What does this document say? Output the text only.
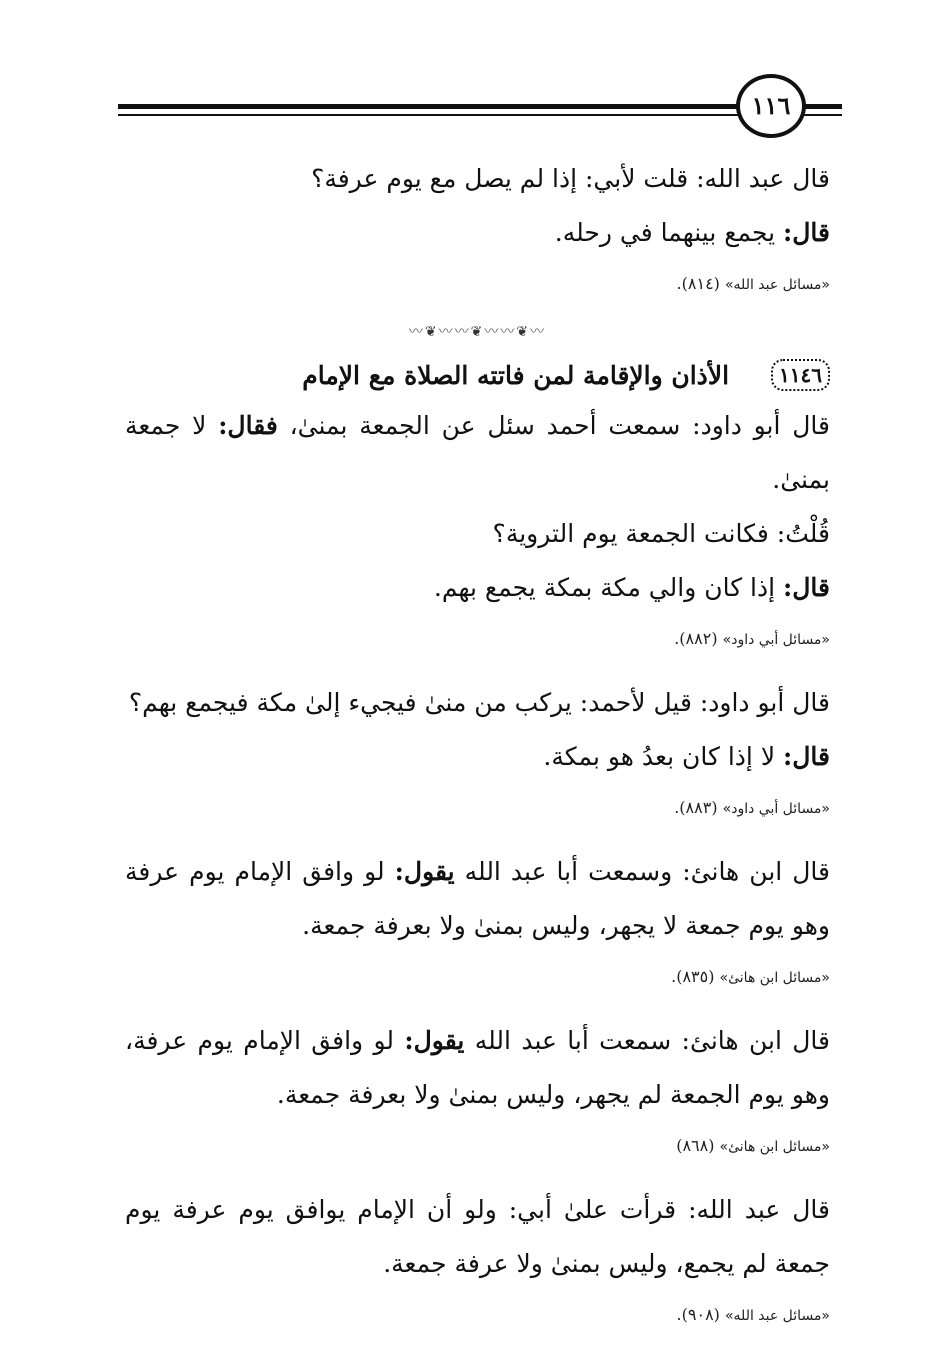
١١٦

قال عبد الله: قلت لأبي: إذا لم يصل مع يوم عرفة؟

قال: يجمع بينهما في رحله.

«مسائل عبد الله» (٨١٤).
〰❦〰〰❦〰〰❦〰
١١٤٦
الأذان والإقامة لمن فاتته الصلاة مع الإمام

قال أبو داود: سمعت أحمد سئل عن الجمعة بمنىٰ، فقال: لا جمعة بمنىٰ.

قُلْتُ: فكانت الجمعة يوم التروية؟

قال: إذا كان والي مكة بمكة يجمع بهم.

«مسائل أبي داود» (٨٨٢).

قال أبو داود: قيل لأحمد: يركب من منىٰ فيجيء إلىٰ مكة فيجمع بهم؟

قال: لا إذا كان بعدُ هو بمكة.

«مسائل أبي داود» (٨٨٣).

قال ابن هانئ: وسمعت أبا عبد الله يقول: لو وافق الإمام يوم عرفة وهو يوم جمعة لا يجهر، وليس بمنىٰ ولا بعرفة جمعة.

«مسائل ابن هانئ» (٨٣٥).

قال ابن هانئ: سمعت أبا عبد الله يقول: لو وافق الإمام يوم عرفة، وهو يوم الجمعة لم يجهر، وليس بمنىٰ ولا بعرفة جمعة.

«مسائل ابن هانئ» (٨٦٨)

قال عبد الله: قرأت علىٰ أبي: ولو أن الإمام يوافق يوم عرفة يوم جمعة لم يجمع، وليس بمنىٰ ولا عرفة جمعة.

«مسائل عبد الله» (٩٠٨).
